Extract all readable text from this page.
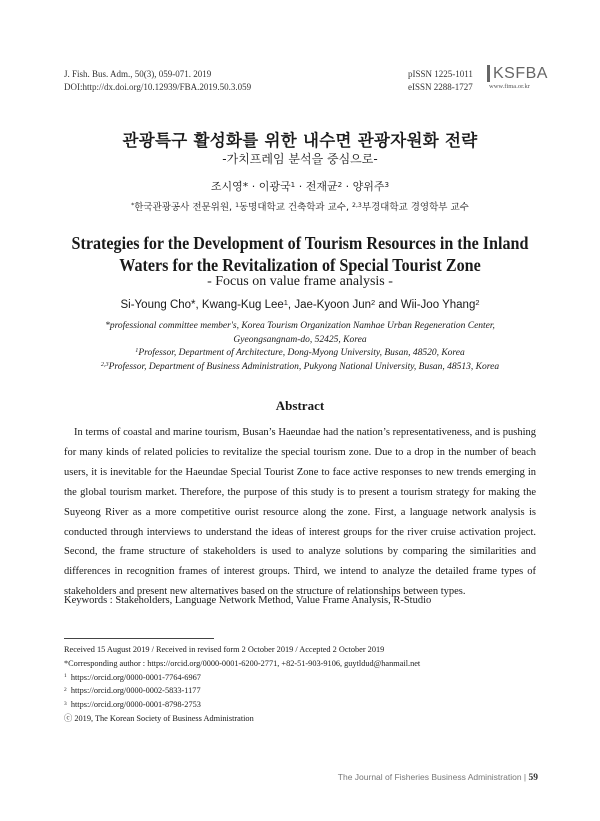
J. Fish. Bus. Adm., 50(3), 059-071. 2019
DOI:http://dx.doi.org/10.12939/FBA.2019.50.3.059
pISSN 1225-1011
eISSN 2288-1727
KSFBA
www.fima.or.kr
관광특구 활성화를 위한 내수면 관광자원화 전략
-가치프레임 분석을 중심으로-
조시영* · 이광국$^1$ · 전재균$^2$ · 양위주$^3$
*한국관광공사 전문위원, $^1$동명대학교 건축학과 교수, $^{2,3}$부경대학교 경영학부 교수
Strategies for the Development of Tourism Resources in the Inland
Waters for the Revitalization of Special Tourist Zone
- Focus on value frame analysis -
Si-Young Cho*, Kwang-Kug Lee$^1$, Jae-Kyoon Jun$^2$ and Wii-Joo Yhang$^2$
*professional committee member's, Korea Tourism Organization Namhae Urban Regeneration Center,
Gyeongsangnam-do, 52425, Korea
$^1$Professor, Department of Architecture, Dong-Myong University, Busan, 48520, Korea
$^{2,3}$Professor, Department of Business Administration, Pukyong National University, Busan, 48513, Korea
Abstract

In terms of coastal and marine tourism, Busan’s Haeundae had the nation’s representativeness, and is pushing for many kinds of related policies to revitalize the special tourism zone. Due to a drop in the number of beach users, it is inevitable for the Haeundae Special Tourist Zone to face active responses to new trends emerging in the global tourism market. Therefore, the purpose of this study is to present a tourism strategy for making the Suyeong River as a more competitive ourist resource along the zone. First, a language network analysis is conducted through interviews to understand the ideas of interest groups for the river cruise activation project. Second, the frame structure of stakeholders is used to analyze solutions by comparing the similarities and differences in recognition frames of interest groups. Third, we intend to analyze the detailed frame types of stakeholders and present new alternatives based on the structure of relationships between types.

Keywords : Stakeholders, Language Network Method, Value Frame Analysis, R-Studio
Received 15 August 2019 / Received in revised form 2 October 2019 / Accepted 2 October 2019
*Corresponding author : https://orcid.org/0000-0001-6200-2771, +82-51-903-9106, guytldud@hanmail.net
$^1$ https://orcid.org/0000-0001-7764-6967
$^2$ https://orcid.org/0000-0002-5833-1177
$^3$ https://orcid.org/0000-0001-8798-2753
ⓒ 2019, The Korean Society of Business Administration
The Journal of Fisheries Business Administration | 59
